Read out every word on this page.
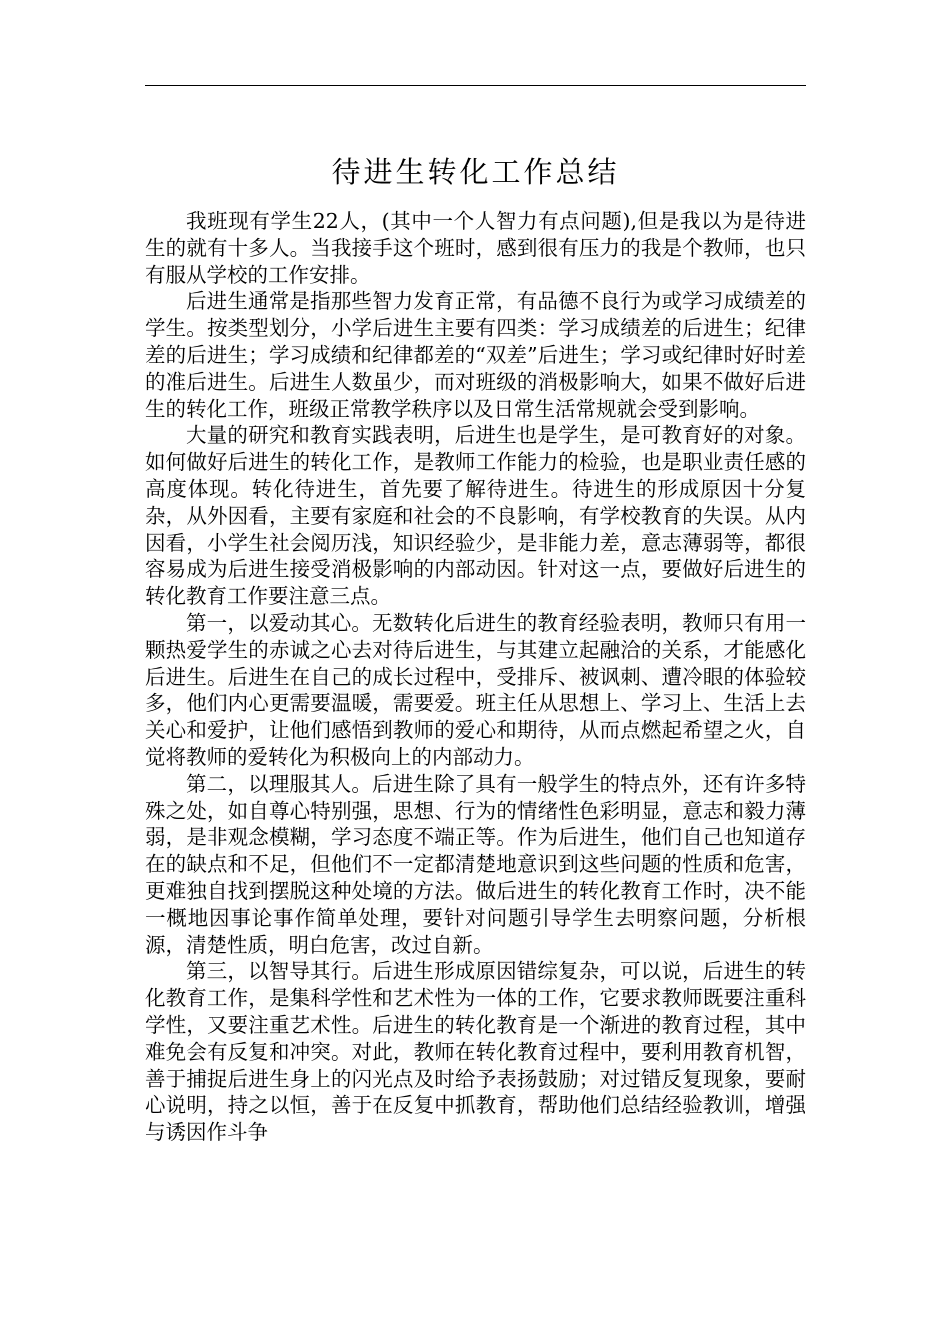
待进生转化工作总结

我班现有学生22人，(其中一个人智力有点问题),但是我以为是待进生的就有十多人。当我接手这个班时，感到很有压力的我是个教师，也只有服从学校的工作安排。

后进生通常是指那些智力发育正常，有品德不良行为或学习成绩差的学生。按类型划分，小学后进生主要有四类：学习成绩差的后进生；纪律差的后进生；学习成绩和纪律都差的“双差”后进生；学习或纪律时好时差的准后进生。后进生人数虽少，而对班级的消极影响大，如果不做好后进生的转化工作，班级正常教学秩序以及日常生活常规就会受到影响。

大量的研究和教育实践表明，后进生也是学生，是可教育好的对象。如何做好后进生的转化工作，是教师工作能力的检验，也是职业责任感的高度体现。转化待进生，首先要了解待进生。待进生的形成原因十分复杂，从外因看，主要有家庭和社会的不良影响，有学校教育的失误。从内因看，小学生社会阅历浅，知识经验少，是非能力差，意志薄弱等，都很容易成为后进生接受消极影响的内部动因。针对这一点，要做好后进生的转化教育工作要注意三点。

第一，以爱动其心。无数转化后进生的教育经验表明，教师只有用一颗热爱学生的赤诚之心去对待后进生，与其建立起融洽的关系，才能感化后进生。后进生在自己的成长过程中，受排斥、被讽刺、遭冷眼的体验较多，他们内心更需要温暖，需要爱。班主任从思想上、学习上、生活上去关心和爱护，让他们感悟到教师的爱心和期待，从而点燃起希望之火，自觉将教师的爱转化为积极向上的内部动力。

第二，以理服其人。后进生除了具有一般学生的特点外，还有许多特殊之处，如自尊心特别强，思想、行为的情绪性色彩明显，意志和毅力薄弱，是非观念模糊，学习态度不端正等。作为后进生，他们自己也知道存在的缺点和不足，但他们不一定都清楚地意识到这些问题的性质和危害，更难独自找到摆脱这种处境的方法。做后进生的转化教育工作时，决不能一概地因事论事作简单处理，要针对问题引导学生去明察问题，分析根源，清楚性质，明白危害，改过自新。

第三，以智导其行。后进生形成原因错综复杂，可以说，后进生的转化教育工作，是集科学性和艺术性为一体的工作，它要求教师既要注重科学性，又要注重艺术性。后进生的转化教育是一个渐进的教育过程，其中难免会有反复和冲突。对此，教师在转化教育过程中，要利用教育机智，善于捕捉后进生身上的闪光点及时给予表扬鼓励；对过错反复现象，要耐心说明，持之以恒，善于在反复中抓教育，帮助他们总结经验教训，增强与诱因作斗争
